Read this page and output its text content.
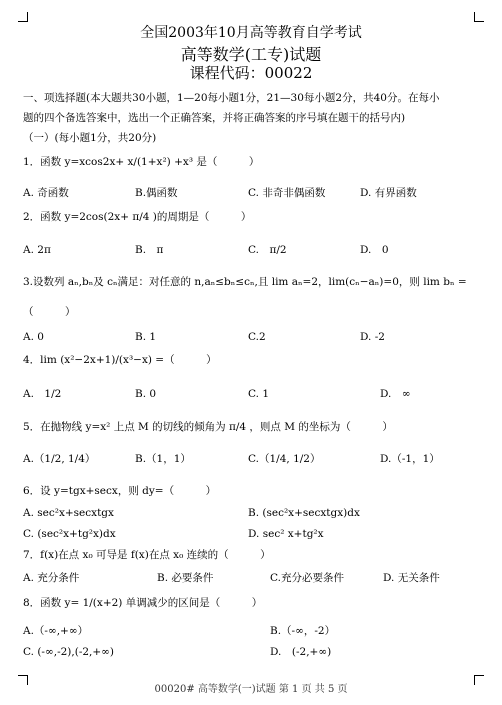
全国2003年10月高等教育自学考试
高等数学(工专)试题
课程代码：00022
一、项选择题(本大题共30小题，1—20每小题1分，21—30每小题2分，共40分。在每小
题的四个备选答案中，选出一个正确答案，并将正确答案的序号填在题干的括号内)
（一）(每小题1分，共20分)
1．函数 y=xcos2x+ x/(1+x²) +x³ 是（　　　）
A. 奇函数	B.偶函数	C. 非奇非偶函数	D. 有界函数
2．函数 y=2cos(2x+ π/4 )的周期是（　　　）
A. 2π	B.　π	C.　π/2	D.　0
3.设数列 aₙ,bₙ及 cₙ满足：对任意的 n,aₙ≤bₙ≤cₙ,且 lim aₙ=2，lim(cₙ−aₙ)=0，则 lim bₙ =
（　　　）
A. 0	B. 1	C.2	D. -2
4．lim (x²−2x+1)/(x³−x) =（　　　）
A.　1/2	B. 0	C. 1	D.　∞
5．在抛物线 y=x² 上点 M 的切线的倾角为 π/4 ，则点 M 的坐标为（　　　）
A.（1/2, 1/4）	B.（1，1）	C.（1/4, 1/2）	D.（-1，1）
6．设 y=tgx+secx，则 dy=（　　　）
A. sec²x+secxtgx	B. (sec²x+secxtgx)dx
C. (sec²x+tg²x)dx	D. sec² x+tg²x
7．f(x)在点 x₀ 可导是 f(x)在点 x₀ 连续的（　　　）
A. 充分条件	B. 必要条件	C.充分必要条件	D. 无关条件
8．函数 y= 1/(x+2) 单调减少的区间是（　　　）
A.（-∞,+∞）	B.（-∞，-2）
C. (-∞,-2),(-2,+∞)	D.　(-2,+∞)
00020# 高等数学(一)试题 第 1 页 共 5 页
